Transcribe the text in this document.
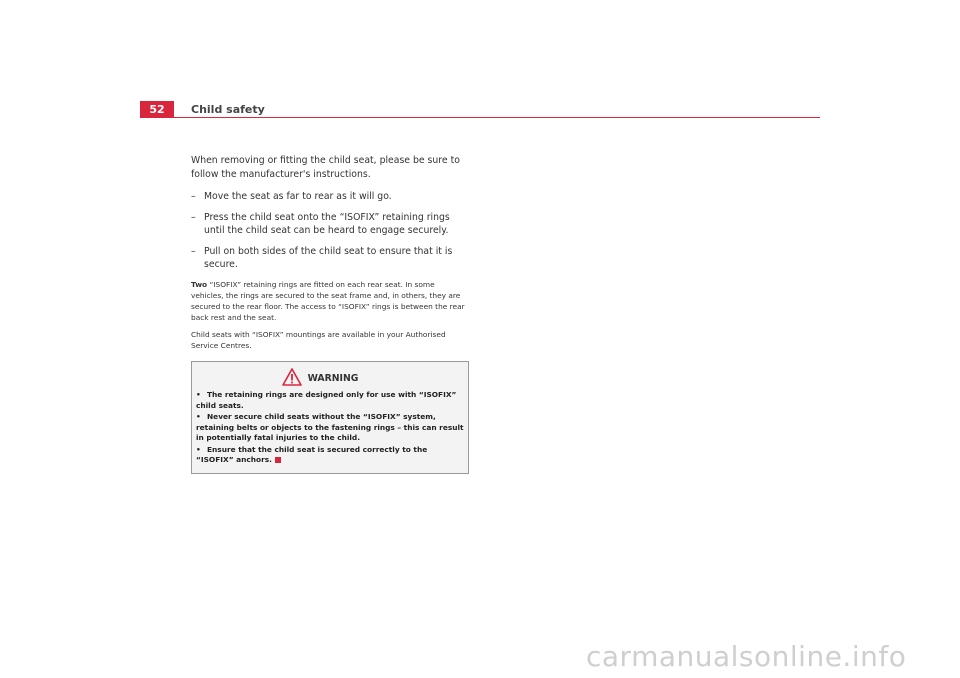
52	Child safety

When removing or fitting the child seat, please be sure to follow the manufacturer's instructions.

– Move the seat as far to rear as it will go.
– Press the child seat onto the “ISOFIX” retaining rings until the child seat can be heard to engage securely.
– Pull on both sides of the child seat to ensure that it is secure.

Two “ISOFIX” retaining rings are fitted on each rear seat. In some vehicles, the rings are secured to the seat frame and, in others, they are secured to the rear floor. The access to “ISOFIX” rings is between the rear back rest and the seat.

Child seats with “ISOFIX” mountings are available in your Authorised Service Centres.

WARNING
• The retaining rings are designed only for use with “ISOFIX” child seats.
• Never secure child seats without the “ISOFIX” system, retaining belts or objects to the fastening rings – this can result in potentially fatal injuries to the child.
• Ensure that the child seat is secured correctly to the “ISOFIX” anchors.
carmanualsonline.info
